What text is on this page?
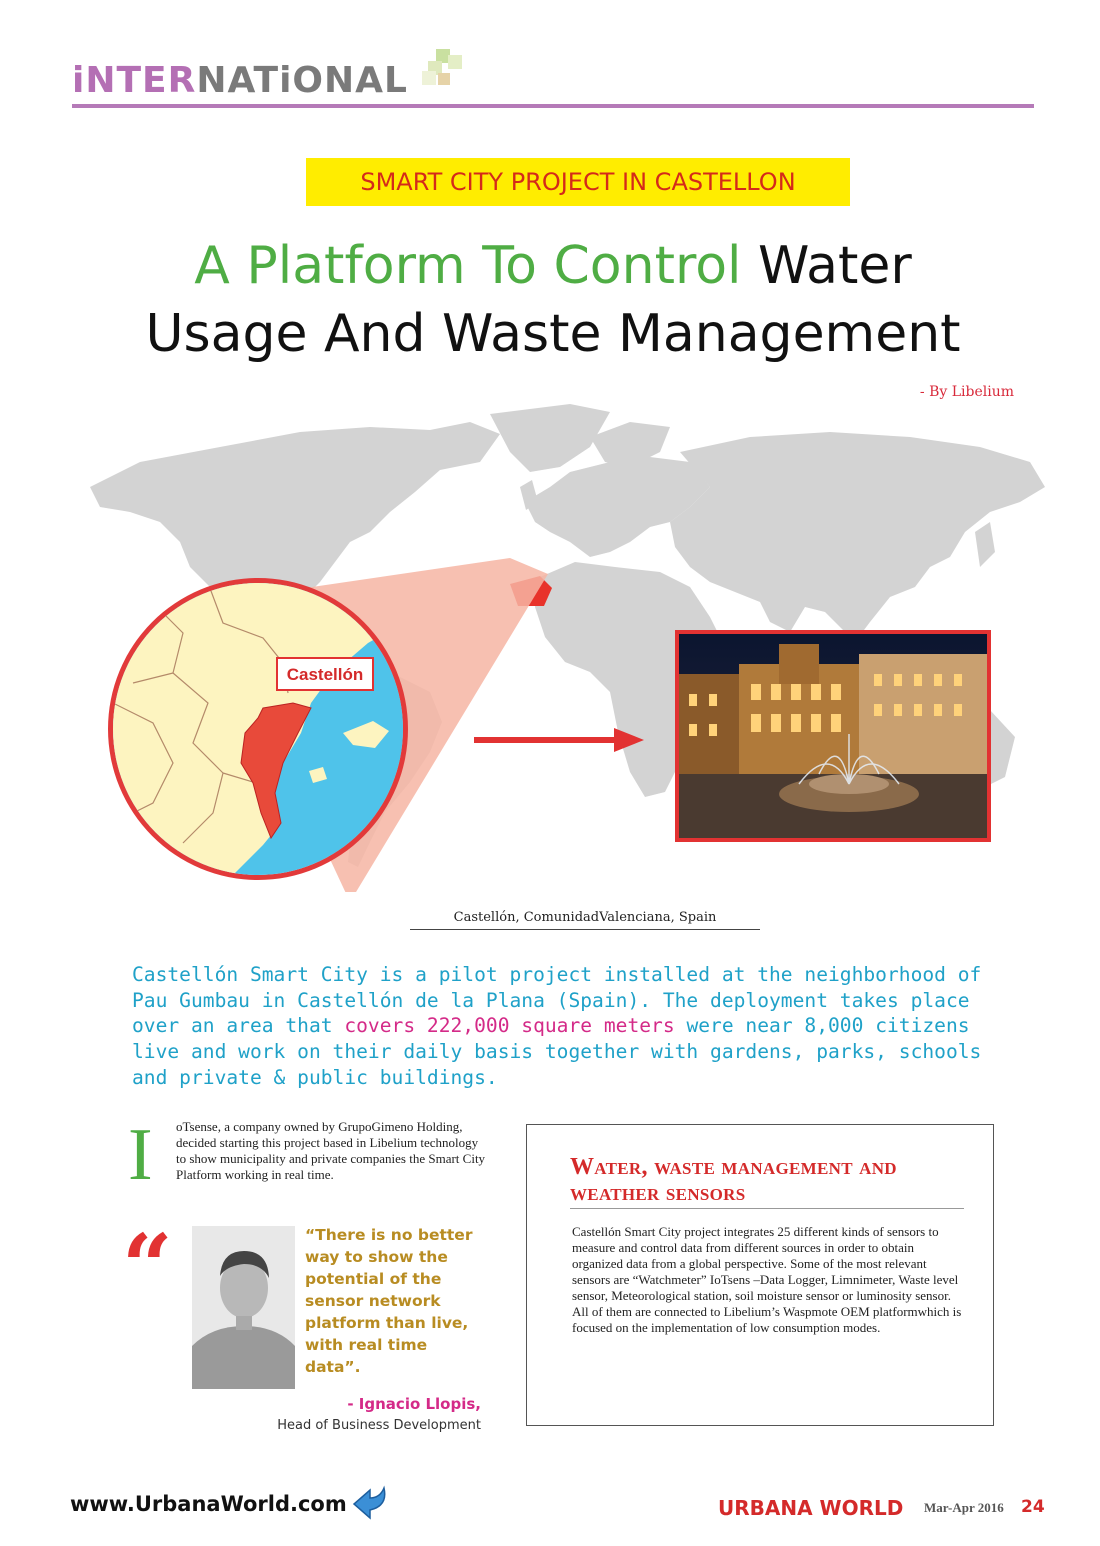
iNTERNATiONAL
SMART CITY PROJECT IN CASTELLON
A Platform To Control Water
Usage And Waste Management
- By Libelium
Castellón
Castellón, ComunidadValenciana, Spain
Castellón Smart City is a pilot project installed at the neighborhood of Pau Gumbau in Castellón de la Plana (Spain). The deployment takes place over an area that covers 222,000 square meters were near 8,000 citizens live and work on their daily basis together with gardens, parks, schools and private & public buildings.
I oTsense, a company owned by GrupoGimeno Holding, decided starting this project based in Libelium technology to show municipality and private companies the Smart City Platform working in real time.
“	“There is no better way to show the potential of the sensor network platform than live, with real time data”.
- Ignacio Llopis,
Head of Business Development
Water, waste management and weather sensors
Castellón Smart City project integrates 25 different kinds of sensors to measure and control data from different sources in order to obtain organized data from a global perspective. Some of the most relevant sensors are “Watchmeter” IoTsens –Data Logger, Limnimeter, Waste level sensor, Meteorological station, soil moisture sensor or luminosity sensor. All of them are connected to Libelium’s Waspmote OEM platformwhich is focused on the implementation of low consumption modes.
www.UrbanaWorld.com	URBANA WORLD Mar-Apr 2016 24
